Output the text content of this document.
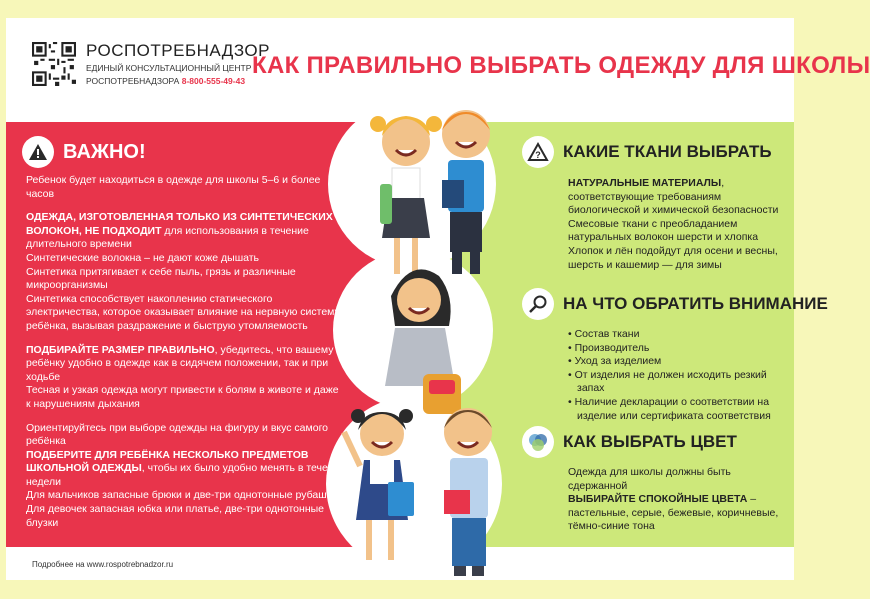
РОСПОТРЕБНАДЗОР
ЕДИНЫЙ КОНСУЛЬТАЦИОННЫЙ ЦЕНТР
РОСПОТРЕБНАДЗОРА 8-800-555-49-43
КАК ПРАВИЛЬНО ВЫБРАТЬ ОДЕЖДУ ДЛЯ ШКОЛЫ
ВАЖНО!

Ребенок будет находиться в одежде для школы 5–6 и более часов

ОДЕЖДА, ИЗГОТОВЛЕННАЯ ТОЛЬКО ИЗ СИНТЕТИЧЕСКИХ ВОЛОКОН, НЕ ПОДХОДИТ для использования в течение длительного времени

Синтетические волокна – не дают коже дышать

Синтетика притягивает к себе пыль, грязь и различные микроорганизмы

Синтетика способствует накоплению статического электричества, которое оказывает влияние на нервную систему ребёнка, вызывая раздражение и быструю утомляемость

ПОДБИРАЙТЕ РАЗМЕР ПРАВИЛЬНО, убедитесь, что вашему ребёнку удобно в одежде как в сидячем положении, так и при ходьбе

Тесная и узкая одежда могут привести к болям в животе и даже к нарушениям дыхания

Ориентируйтесь при выборе одежды на фигуру и вкус самого ребёнка

ПОДБЕРИТЕ ДЛЯ РЕБЁНКА НЕСКОЛЬКО ПРЕДМЕТОВ ШКОЛЬНОЙ ОДЕЖДЫ, чтобы их было удобно менять в течение недели

Для мальчиков запасные брюки и две-три однотонные рубашки

Для девочек запасная юбка или платье, две-три однотонные блузки

? КАКИЕ ТКАНИ ВЫБРАТЬ

НАТУРАЛЬНЫЕ МАТЕРИАЛЫ, соответствующие требованиям биологической и химической безопасности

Смесовые ткани с преобладанием натуральных волокон шерсти и хлопка

Хлопок и лён подойдут для осени и весны, шерсть и кашемир — для зимы

НА ЧТО ОБРАТИТЬ ВНИМАНИЕ
• Состав ткани
• Производитель
• Уход за изделием
• От изделия не должен исходить резкий запах
• Наличие декларации о соответствии на изделие или сертификата соответствия
КАК ВЫБРАТЬ ЦВЕТ

Одежда для школы должны быть сдержанной

ВЫБИРАЙТЕ СПОКОЙНЫЕ ЦВЕТА – пастельные, серые, бежевые, коричневые, тёмно-синие тона

Подробнее на www.rospotrebnadzor.ru
